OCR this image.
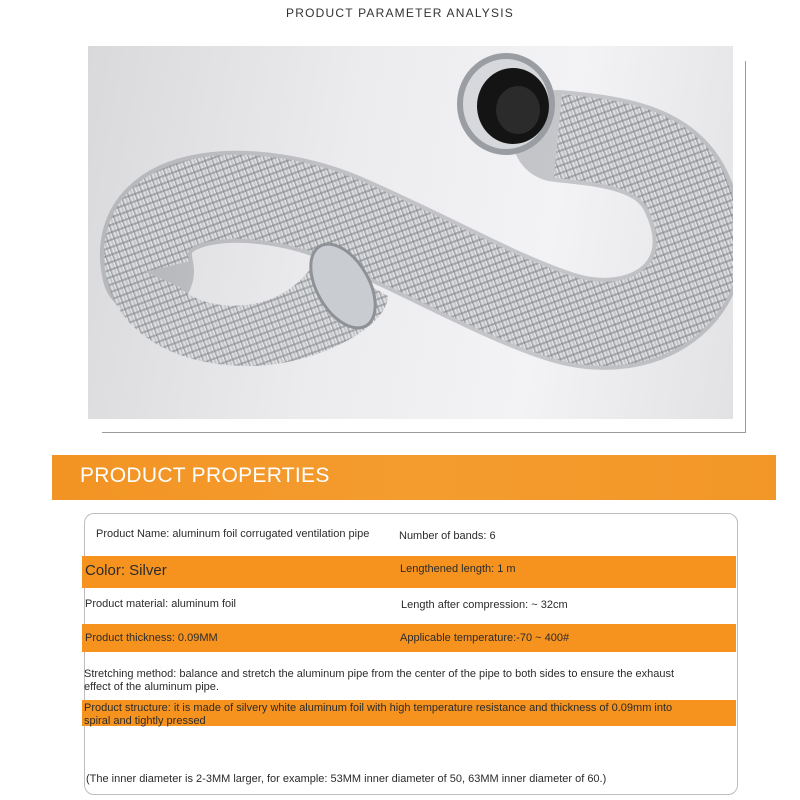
PRODUCT PARAMETER ANALYSIS
PRODUCT PROPERTIES
Product Name: aluminum foil corrugated ventilation pipe	Number of bands: 6
Color: Silver	Lengthened length: 1 m
Product material: aluminum foil	Length after compression: ~ 32cm
Product thickness: 0.09MM	Applicable temperature:-70 ~ 400#
Stretching method: balance and stretch the aluminum pipe from the center of the pipe to both sides to ensure the exhaust effect of the aluminum pipe.
Product structure: it is made of silvery white aluminum foil with high temperature resistance and thickness of 0.09mm into spiral and tightly pressed
(The inner diameter is 2-3MM larger, for example: 53MM inner diameter of 50, 63MM inner diameter of 60.)
